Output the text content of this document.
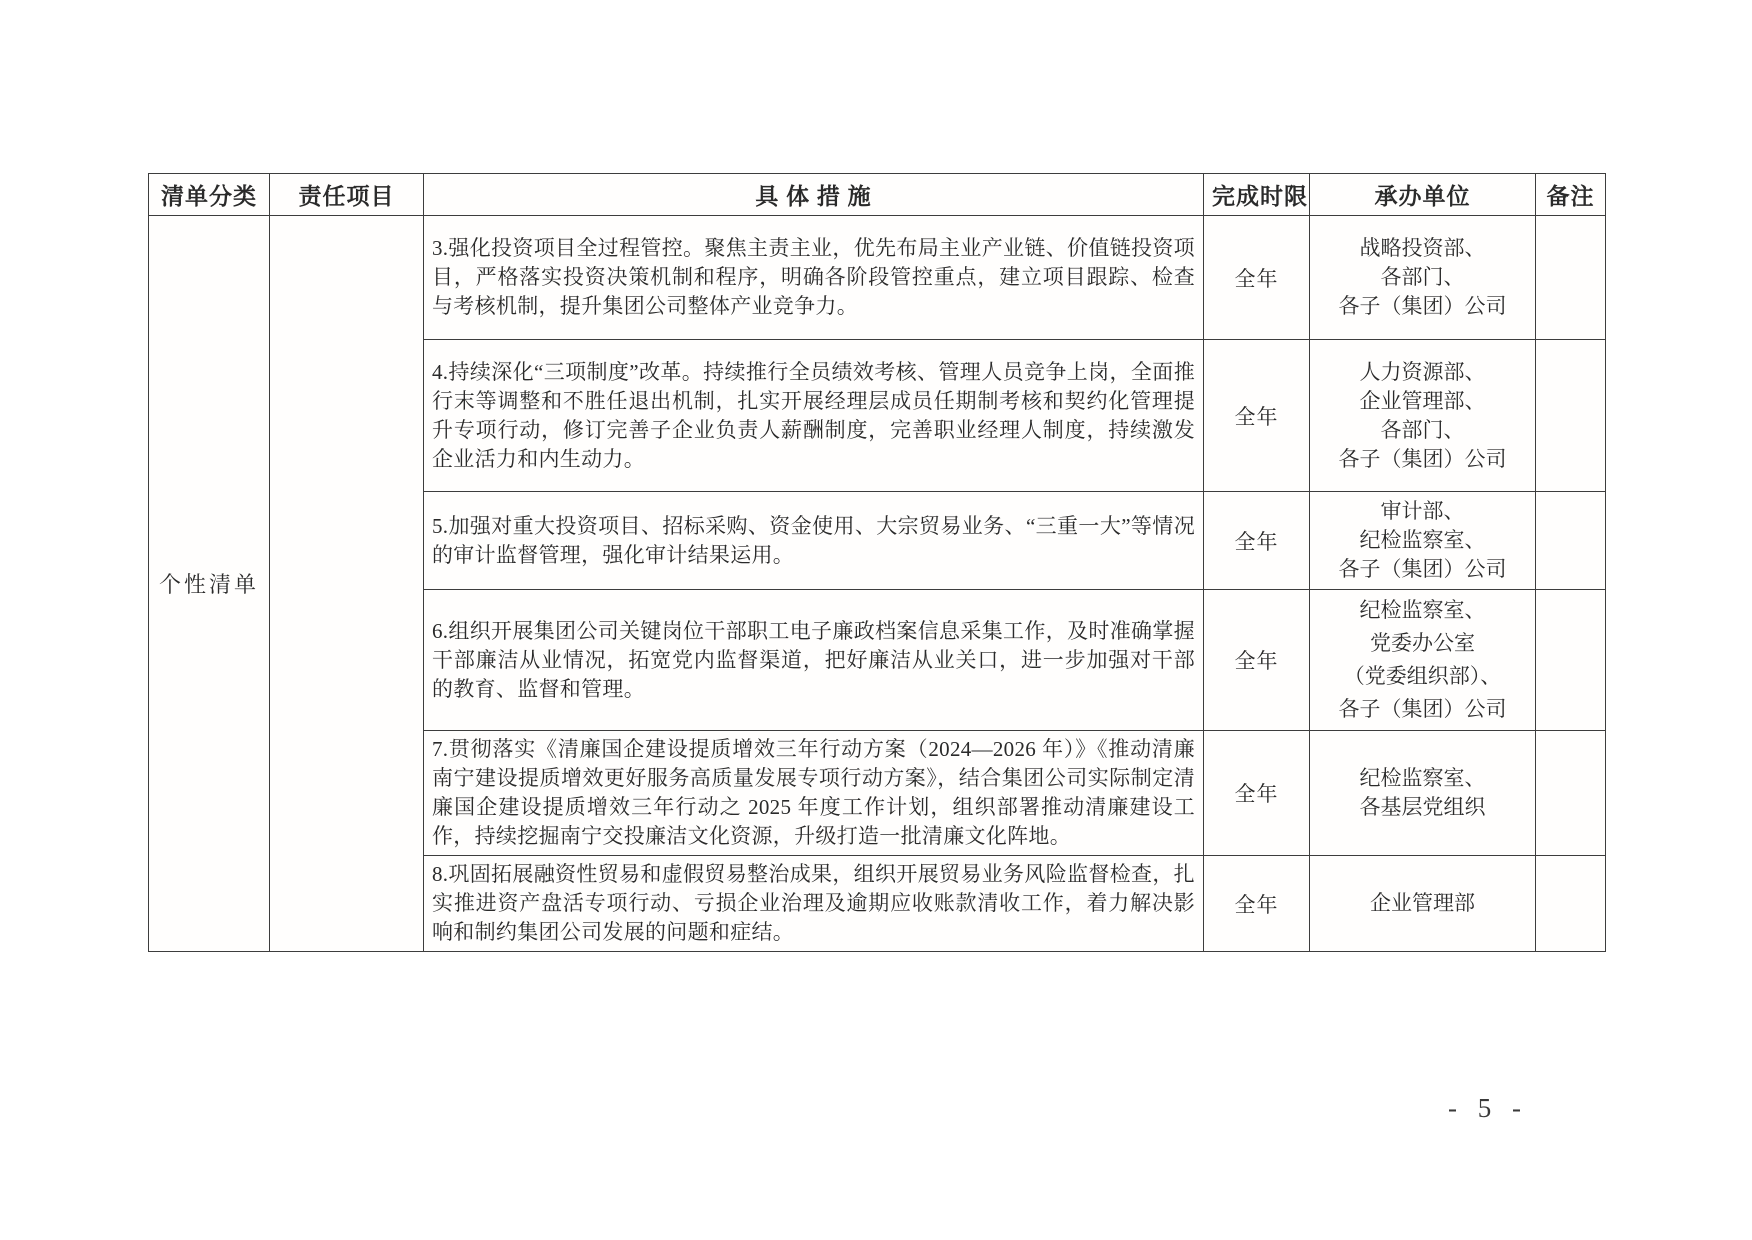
清单分类	责任项目	具 体 措 施	完成时限	承办单位	备注
个性清单		3.强化投资项目全过程管控。聚焦主责主业，优先布局主业产业链、价值链投资项目，严格落实投资决策机制和程序，明确各阶段管控重点，建立项目跟踪、检查与考核机制，提升集团公司整体产业竞争力。	全年	战略投资部、
各部门、
各子（集团）公司	

		4.持续深化“三项制度”改革。持续推行全员绩效考核、管理人员竞争上岗，全面推行末等调整和不胜任退出机制，扎实开展经理层成员任期制考核和契约化管理提升专项行动，修订完善子企业负责人薪酬制度，完善职业经理人制度，持续激发企业活力和内生动力。	全年	人力资源部、
企业管理部、
各部门、
各子（集团）公司	

		5.加强对重大投资项目、招标采购、资金使用、大宗贸易业务、“三重一大”等情况的审计监督管理，强化审计结果运用。	全年	审计部、
纪检监察室、
各子（集团）公司	

		6.组织开展集团公司关键岗位干部职工电子廉政档案信息采集工作，及时准确掌握干部廉洁从业情况，拓宽党内监督渠道，把好廉洁从业关口，进一步加强对干部的教育、监督和管理。	全年	纪检监察室、
党委办公室
（党委组织部）、
各子（集团）公司	

		7.贯彻落实《清廉国企建设提质增效三年行动方案（2024—2026 年）》《推动清廉南宁建设提质增效更好服务高质量发展专项行动方案》，结合集团公司实际制定清廉国企建设提质增效三年行动之 2025 年度工作计划，组织部署推动清廉建设工作，持续挖掘南宁交投廉洁文化资源，升级打造一批清廉文化阵地。	全年	纪检监察室、
各基层党组织	

		8.巩固拓展融资性贸易和虚假贸易整治成果，组织开展贸易业务风险监督检查，扎实推进资产盘活专项行动、亏损企业治理及逾期应收账款清收工作，着力解决影响和制约集团公司发展的问题和症结。	全年	企业管理部	

- 5 -
